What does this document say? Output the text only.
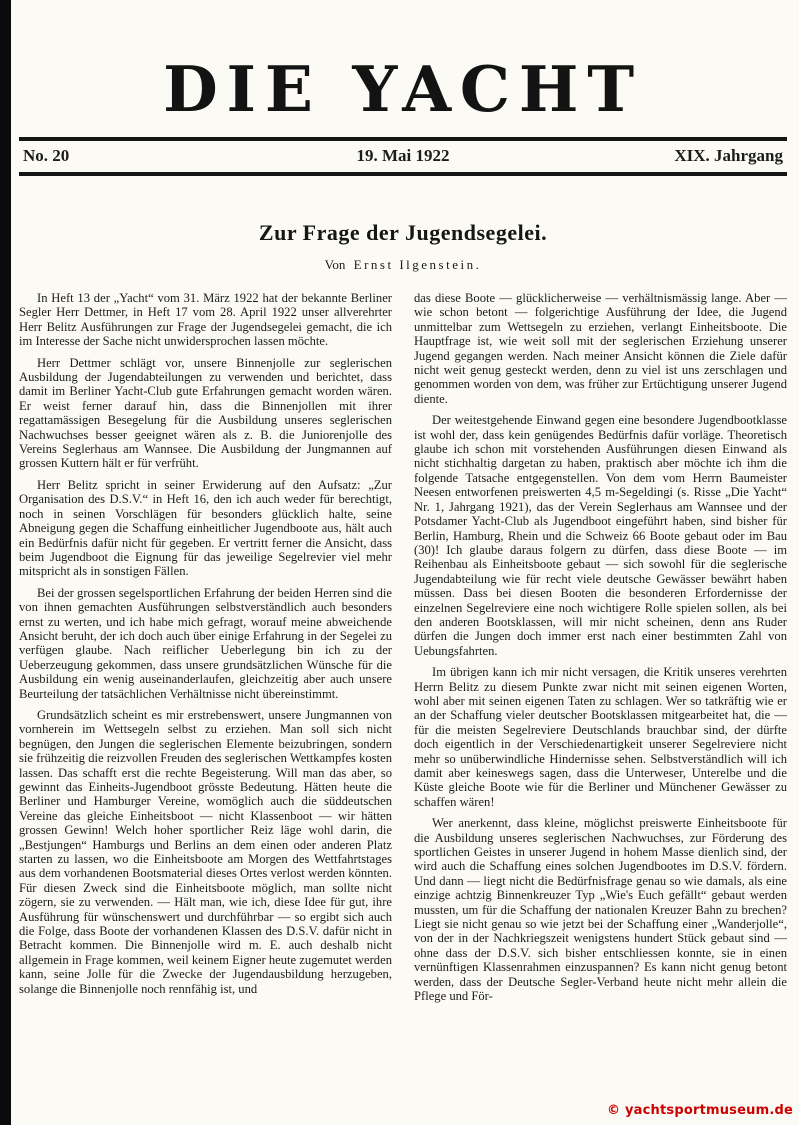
DIE YACHT
No. 20	19. Mai 1922	XIX. Jahrgang
Zur Frage der Jugendsegelei.
Von Ernst Ilgenstein.

In Heft 13 der „Yacht“ vom 31. März 1922 hat der bekannte Berliner Segler Herr Dettmer, in Heft 17 vom 28. April 1922 unser allverehrter Herr Belitz Ausführungen zur Frage der Jugendsegelei gemacht, die ich im Interesse der Sache nicht unwidersprochen lassen möchte.

Herr Dettmer schlägt vor, unsere Binnenjolle zur seglerischen Ausbildung der Jugendabteilungen zu verwenden und berichtet, dass damit im Berliner Yacht-Club gute Erfahrungen gemacht worden wären. Er weist ferner darauf hin, dass die Binnenjollen mit ihrer regattamässigen Besegelung für die Ausbildung unseres seglerischen Nachwuchses besser geeignet wären als z. B. die Juniorenjolle des Vereins Seglerhaus am Wannsee. Die Ausbildung der Jungmannen auf grossen Kuttern hält er für verfrüht.

Herr Belitz spricht in seiner Erwiderung auf den Aufsatz: „Zur Organisation des D.S.V.“ in Heft 16, den ich auch weder für berechtigt, noch in seinen Vorschlägen für besonders glücklich halte, seine Abneigung gegen die Schaffung einheitlicher Jugendboote aus, hält auch ein Bedürfnis dafür nicht für gegeben. Er vertritt ferner die Ansicht, dass beim Jugendboot die Eignung für das jeweilige Segelrevier viel mehr mitspricht als in sonstigen Fällen.

Bei der grossen segelsportlichen Erfahrung der beiden Herren sind die von ihnen gemachten Ausführungen selbstverständlich auch besonders ernst zu werten, und ich habe mich gefragt, worauf meine abweichende Ansicht beruht, der ich doch auch über einige Erfahrung in der Segelei zu verfügen glaube. Nach reiflicher Ueberlegung bin ich zu der Ueberzeugung gekommen, dass unsere grundsätzlichen Wünsche für die Ausbildung ein wenig auseinanderlaufen, gleichzeitig aber auch unsere Beurteilung der tatsächlichen Verhältnisse nicht übereinstimmt.

Grundsätzlich scheint es mir erstrebenswert, unsere Jungmannen von vornherein im Wettsegeln selbst zu erziehen. Man soll sich nicht begnügen, den Jungen die seglerischen Elemente beizubringen, sondern sie frühzeitig die reizvollen Freuden des seglerischen Wettkampfes kosten lassen. Das schafft erst die rechte Begeisterung. Will man das aber, so gewinnt das Einheits-Jugendboot grösste Bedeutung. Hätten heute die Berliner und Hamburger Vereine, womöglich auch die süddeutschen Vereine das gleiche Einheitsboot — nicht Klassenboot — wir hätten grossen Gewinn! Welch hoher sportlicher Reiz läge wohl darin, die „Bestjungen“ Hamburgs und Berlins an dem einen oder anderen Platz starten zu lassen, wo die Einheitsboote am Morgen des Wettfahrtstages aus dem vorhandenen Bootsmaterial dieses Ortes verlost werden könnten. Für diesen Zweck sind die Einheitsboote möglich, man sollte nicht zögern, sie zu verwenden. — Hält man, wie ich, diese Idee für gut, ihre Ausführung für wünschenswert und durchführbar — so ergibt sich auch die Folge, dass Boote der vorhandenen Klassen des D.S.V. dafür nicht in Betracht kommen. Die Binnenjolle wird m. E. auch deshalb nicht allgemein in Frage kommen, weil keinem Eigner heute zugemutet werden kann, seine Jolle für die Zwecke der Jugendausbildung herzugeben, solange die Binnenjolle noch rennfähig ist, und

das diese Boote — glücklicherweise — verhältnismässig lange. Aber — wie schon betont — folgerichtige Ausführung der Idee, die Jugend unmittelbar zum Wettsegeln zu erziehen, verlangt Einheitsboote. Die Hauptfrage ist, wie weit soll mit der seglerischen Erziehung unserer Jugend gegangen werden. Nach meiner Ansicht können die Ziele dafür nicht weit genug gesteckt werden, denn zu viel ist uns zerschlagen und genommen worden von dem, was früher zur Ertüchtigung unserer Jugend diente.

Der weitestgehende Einwand gegen eine besondere Jugendbootklasse ist wohl der, dass kein genügendes Bedürfnis dafür vorläge. Theoretisch glaube ich schon mit vorstehenden Ausführungen diesen Einwand als nicht stichhaltig dargetan zu haben, praktisch aber möchte ich ihm die folgende Tatsache entgegenstellen. Von dem vom Herrn Baumeister Neesen entworfenen preiswerten 4,5 m-Segeldingi (s. Risse „Die Yacht“ Nr. 1, Jahrgang 1921), das der Verein Seglerhaus am Wannsee und der Potsdamer Yacht-Club als Jugendboot eingeführt haben, sind bisher für Berlin, Hamburg, Rhein und die Schweiz 66 Boote gebaut oder im Bau (30)! Ich glaube daraus folgern zu dürfen, dass diese Boote — im Reihenbau als Einheitsboote gebaut — sich sowohl für die seglerische Jugendabteilung wie für recht viele deutsche Gewässer bewährt haben müssen. Dass bei diesen Booten die besonderen Erfordernisse der einzelnen Segelreviere eine noch wichtigere Rolle spielen sollen, als bei den anderen Bootsklassen, will mir nicht scheinen, denn ans Ruder dürfen die Jungen doch immer erst nach einer bestimmten Zahl von Uebungsfahrten.

Im übrigen kann ich mir nicht versagen, die Kritik unseres verehrten Herrn Belitz zu diesem Punkte zwar nicht mit seinen eigenen Worten, wohl aber mit seinen eigenen Taten zu schlagen. Wer so tatkräftig wie er an der Schaffung vieler deutscher Bootsklassen mitgearbeitet hat, die — für die meisten Segelreviere Deutschlands brauchbar sind, der dürfte doch eigentlich in der Verschiedenartigkeit unserer Segelreviere nicht mehr so unüberwindliche Hindernisse sehen. Selbstverständlich will ich damit aber keineswegs sagen, dass die Unterweser, Unterelbe und die Küste gleiche Boote wie für die Berliner und Münchener Gewässer zu schaffen wären!

Wer anerkennt, dass kleine, möglichst preiswerte Einheitsboote für die Ausbildung unseres seglerischen Nachwuchses, zur Förderung des sportlichen Geistes in unserer Jugend in hohem Masse dienlich sind, der wird auch die Schaffung eines solchen Jugendbootes im D.S.V. fördern. Und dann — liegt nicht die Bedürfnisfrage genau so wie damals, als eine einzige achtzig Binnenkreuzer Typ „Wie's Euch gefällt“ gebaut werden mussten, um für die Schaffung der nationalen Kreuzer Bahn zu brechen? Liegt sie nicht genau so wie jetzt bei der Schaffung einer „Wanderjolle“, von der in der Nachkriegszeit wenigstens hundert Stück gebaut sind — ohne dass der D.S.V. sich bisher entschliessen konnte, sie in einen vernünftigen Klassenrahmen einzuspannen? Es kann nicht genug betont werden, dass der Deutsche Segler-Verband heute nicht mehr allein die Pflege und För-

© yachtsportmuseum.de
